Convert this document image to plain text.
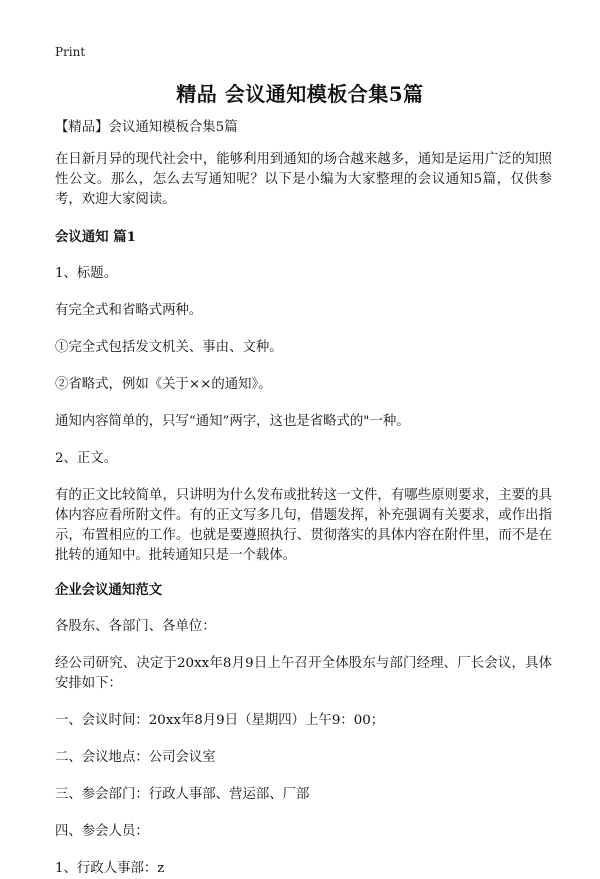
Print
精品 会议通知模板合集5篇

【精品】会议通知模板合集5篇

在日新月异的现代社会中，能够利用到通知的场合越来越多，通知是运用广泛的知照性公文。那么，怎么去写通知呢？以下是小编为大家整理的会议通知5篇，仅供参考，欢迎大家阅读。

会议通知 篇1

1、标题。

有完全式和省略式两种。

①完全式包括发文机关、事由、文种。

②省略式，例如《关于××的通知》。

通知内容简单的，只写“通知”两字，这也是省略式的"一种。

2、正文。

有的正文比较简单，只讲明为什么发布或批转这一文件，有哪些原则要求，主要的具体内容应看所附文件。有的正文写多几句，借题发挥，补充强调有关要求，或作出指示，布置相应的工作。也就是要遵照执行、贯彻落实的具体内容在附件里，而不是在批转的通知中。批转通知只是一个载体。

企业会议通知范文

各股东、各部门、各单位：

经公司研究、决定于20xx年8月9日上午召开全体股东与部门经理、厂长会议，具体安排如下：

一、会议时间：20xx年8月9日（星期四）上午9：00；

二、会议地点：公司会议室

三、参会部门：行政人事部、营运部、厂部

四、参会人员：

1、行政人事部：z
